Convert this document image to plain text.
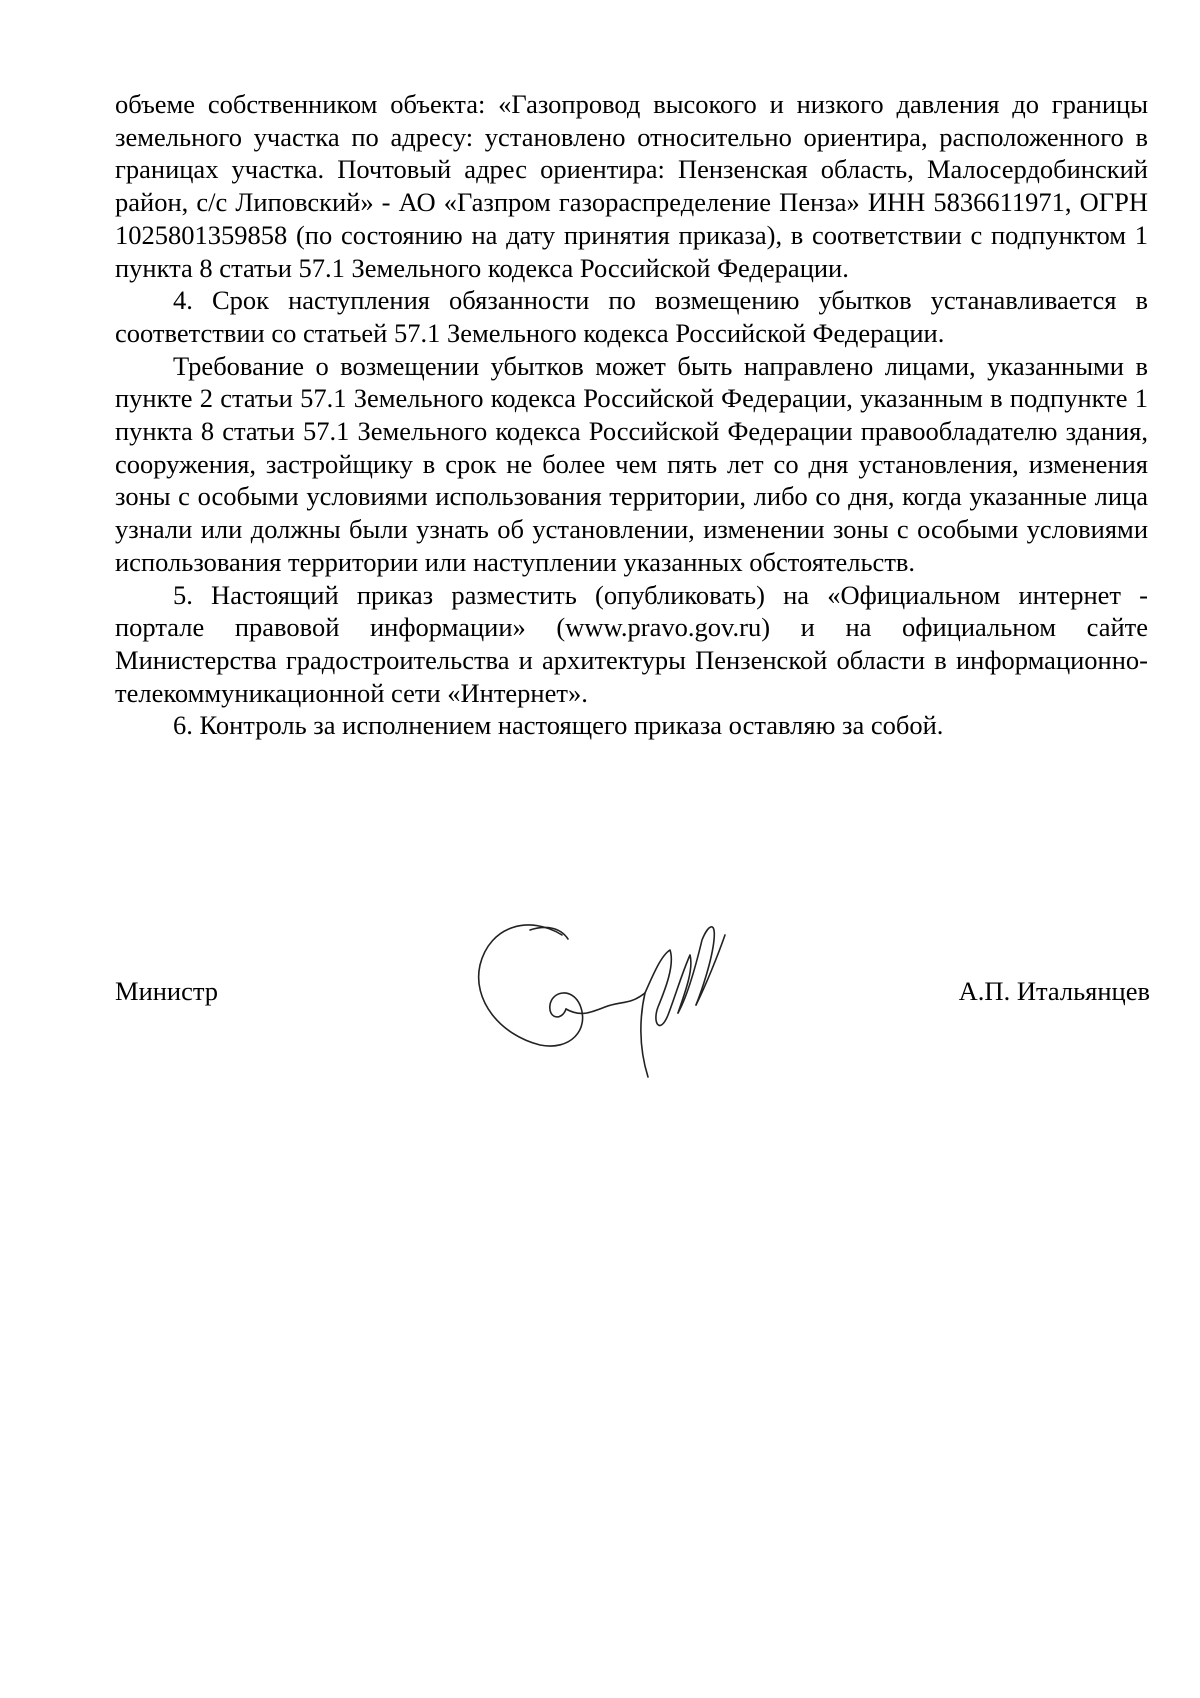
объеме собственником объекта: «Газопровод высокого и низкого давления до границы земельного участка по адресу: установлено относительно ориентира, расположенного в границах участка. Почтовый адрес ориентира: Пензенская область, Малосердобинский район, с/с Липовский» - АО «Газпром газораспределение Пенза» ИНН 5836611971, ОГРН 1025801359858 (по состоянию на дату принятия приказа), в соответствии с подпунктом 1 пункта 8 статьи 57.1 Земельного кодекса Российской Федерации.

4. Срок наступления обязанности по возмещению убытков устанавливается в соответствии со статьей 57.1 Земельного кодекса Российской Федерации.

Требование о возмещении убытков может быть направлено лицами, указанными в пункте 2 статьи 57.1 Земельного кодекса Российской Федерации, указанным в подпункте 1 пункта 8 статьи 57.1 Земельного кодекса Российской Федерации правообладателю здания, сооружения, застройщику в срок не более чем пять лет со дня установления, изменения зоны с особыми условиями использования территории, либо со дня, когда указанные лица узнали или должны были узнать об установлении, изменении зоны с особыми условиями использования территории или наступлении указанных обстоятельств.

5. Настоящий приказ разместить (опубликовать) на «Официальном интернет - портале правовой информации» (www.pravo.gov.ru) и на официальном сайте Министерства градостроительства и архитектуры Пензенской области в информационно-телекоммуникационной сети «Интернет».

6. Контроль за исполнением настоящего приказа оставляю за собой.

Министр	А.П. Итальянцев
